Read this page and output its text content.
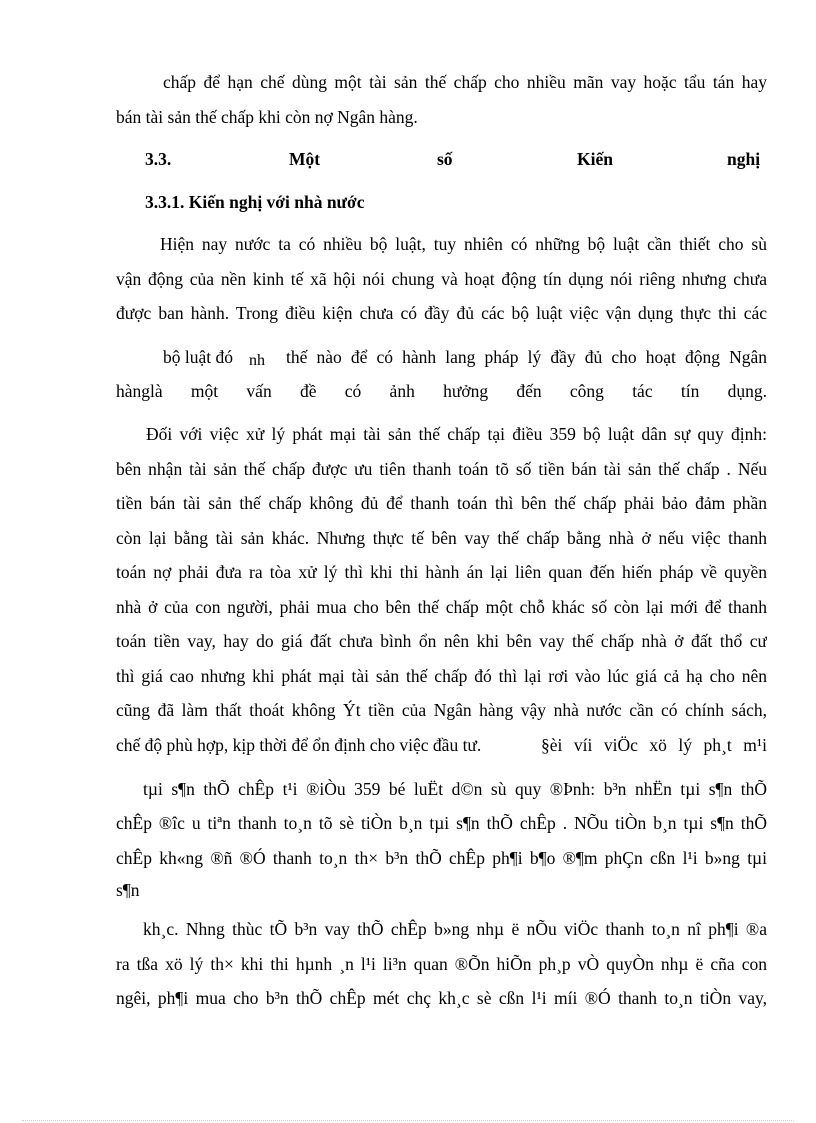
chấp để hạn chế dùng một tài sản thế chấp cho nhiều mãn vay hoặc tẩu tán hay

bán tài sản thế chấp khi còn nợ Ngân hàng.

3.3.	Một	số	Kiến	nghị

3.3.1. Kiến nghị với nhà nước

Hiện nay nước ta có nhiều bộ luật, tuy nhiên có những bộ luật cần thiết cho sù

vận động của nền kinh tế xã hội nói chung và hoạt động tín dụng nói riêng nhưng chưa

được ban hành. Trong điều kiện chưa có đầy đủ các bộ luật việc vận dụng thực thi các

bộ luật đó nh thế nào để có hành lang pháp lý đầy đủ cho hoạt động Ngân

hànglà một vấn đề có ảnh hưởng đến công tác tín dụng.

Đối với việc xử lý phát mại tài sản thế chấp tại điều 359 bộ luật dân sự quy định:

bên nhận tài sản thế chấp được ưu tiên thanh toán tõ số tiền bán tài sản thế chấp . Nếu

tiền bán tài sản thế chấp không đủ để thanh toán thì bên thế chấp phải bảo đảm phần

còn lại bằng tài sản khác. Nhưng thực tế bên vay thế chấp bằng nhà ở nếu việc thanh

toán nợ phải đưa ra tòa xử lý thì khi thi hành án lại liên quan đến hiến pháp về quyền

nhà ở của con người, phải mua cho bên thế chấp một chỗ khác số còn lại mới để thanh

toán tiền vay, hay do giá đất chưa bình ổn nên khi bên vay thế chấp nhà ở đất thổ cư

thì giá cao nhưng khi phát mại tài sản thế chấp đó thì lại rơi vào lúc giá cả hạ cho nên

cũng đã làm thất thoát không Ýt tiền của Ngân hàng vậy nhà nước cần có chính sách,

chế độ phù hợp, kịp thời để ổn định cho việc đầu tư.	§èi víi viÖc xö lý ph¸t m¹i

tµi s¶n thÕ chÊp t¹i ®iÒu 359 bé luËt d©n sù quy ®Þnh: b³n nhËn tµi s¶n thÕ

chÊp ®îc u tiªn thanh to¸n tõ sè tiÒn b¸n tµi s¶n thÕ chÊp . NÕu tiÒn b¸n tµi s¶n thÕ

chÊp kh«ng ®ñ ®Ó thanh to¸n th× b³n thÕ chÊp ph¶i b¶o ®¶m phÇn cßn l¹i b»ng tµi

s¶n

kh¸c. Nhng thùc tÕ b³n vay thÕ chÊp b»ng nhµ ë nÕu viÖc thanh to¸n nî ph¶i ®a

ra tßa xö lý th× khi thi hµnh ¸n l¹i li³n quan ®Õn hiÕn ph¸p vÒ quyÒn nhµ ë cña con

ngêi, ph¶i mua cho b³n thÕ chÊp mét chç kh¸c sè cßn l¹i míi ®Ó thanh to¸n tiÒn vay,
